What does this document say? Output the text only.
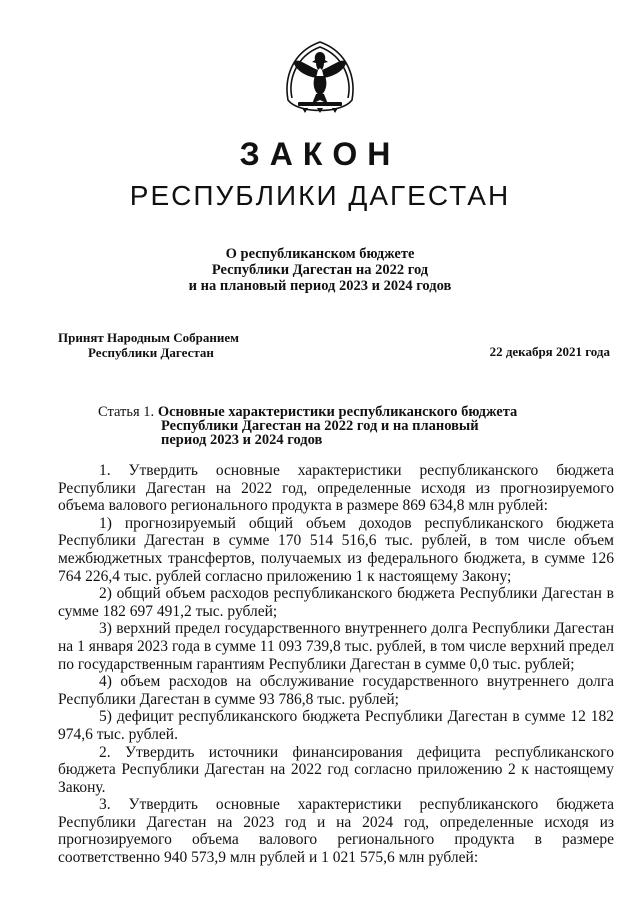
ЗАКОН
РЕСПУБЛИКИ ДАГЕСТАН
О республиканском бюджете
Республики Дагестан на 2022 год
и на плановый период 2023 и 2024 годов
Принят Народным Собранием
Республики Дагестан	22 декабря 2021 года
Статья 1. Основные характеристики республиканского бюджета
Республики Дагестан на 2022 год и на плановый
период 2023 и 2024 годов

1. Утвердить основные характеристики республиканского бюджета Республики Дагестан на 2022 год, определенные исходя из прогнозируемого объема валового регионального продукта в размере 869 634,8 млн рублей:

1) прогнозируемый общий объем доходов республиканского бюджета Республики Дагестан в сумме 170 514 516,6 тыс. рублей, в том числе объем межбюджетных трансфертов, получаемых из федерального бюджета, в сумме 126 764 226,4 тыс. рублей согласно приложению 1 к настоящему Закону;

2) общий объем расходов республиканского бюджета Республики Дагестан в сумме 182 697 491,2 тыс. рублей;

3) верхний предел государственного внутреннего долга Республики Дагестан на 1 января 2023 года в сумме 11 093 739,8 тыс. рублей, в том числе верхний предел по государственным гарантиям Республики Дагестан в сумме 0,0 тыс. рублей;

4) объем расходов на обслуживание государственного внутреннего долга Республики Дагестан в сумме 93 786,8 тыс. рублей;

5) дефицит республиканского бюджета Республики Дагестан в сумме 12 182 974,6 тыс. рублей.

2. Утвердить источники финансирования дефицита республиканского бюджета Республики Дагестан на 2022 год согласно приложению 2 к настоящему Закону.

3. Утвердить основные характеристики республиканского бюджета Республики Дагестан на 2023 год и на 2024 год, определенные исходя из прогнозируемого объема валового регионального продукта в размере соответственно 940 573,9 млн рублей и 1 021 575,6 млн рублей:
